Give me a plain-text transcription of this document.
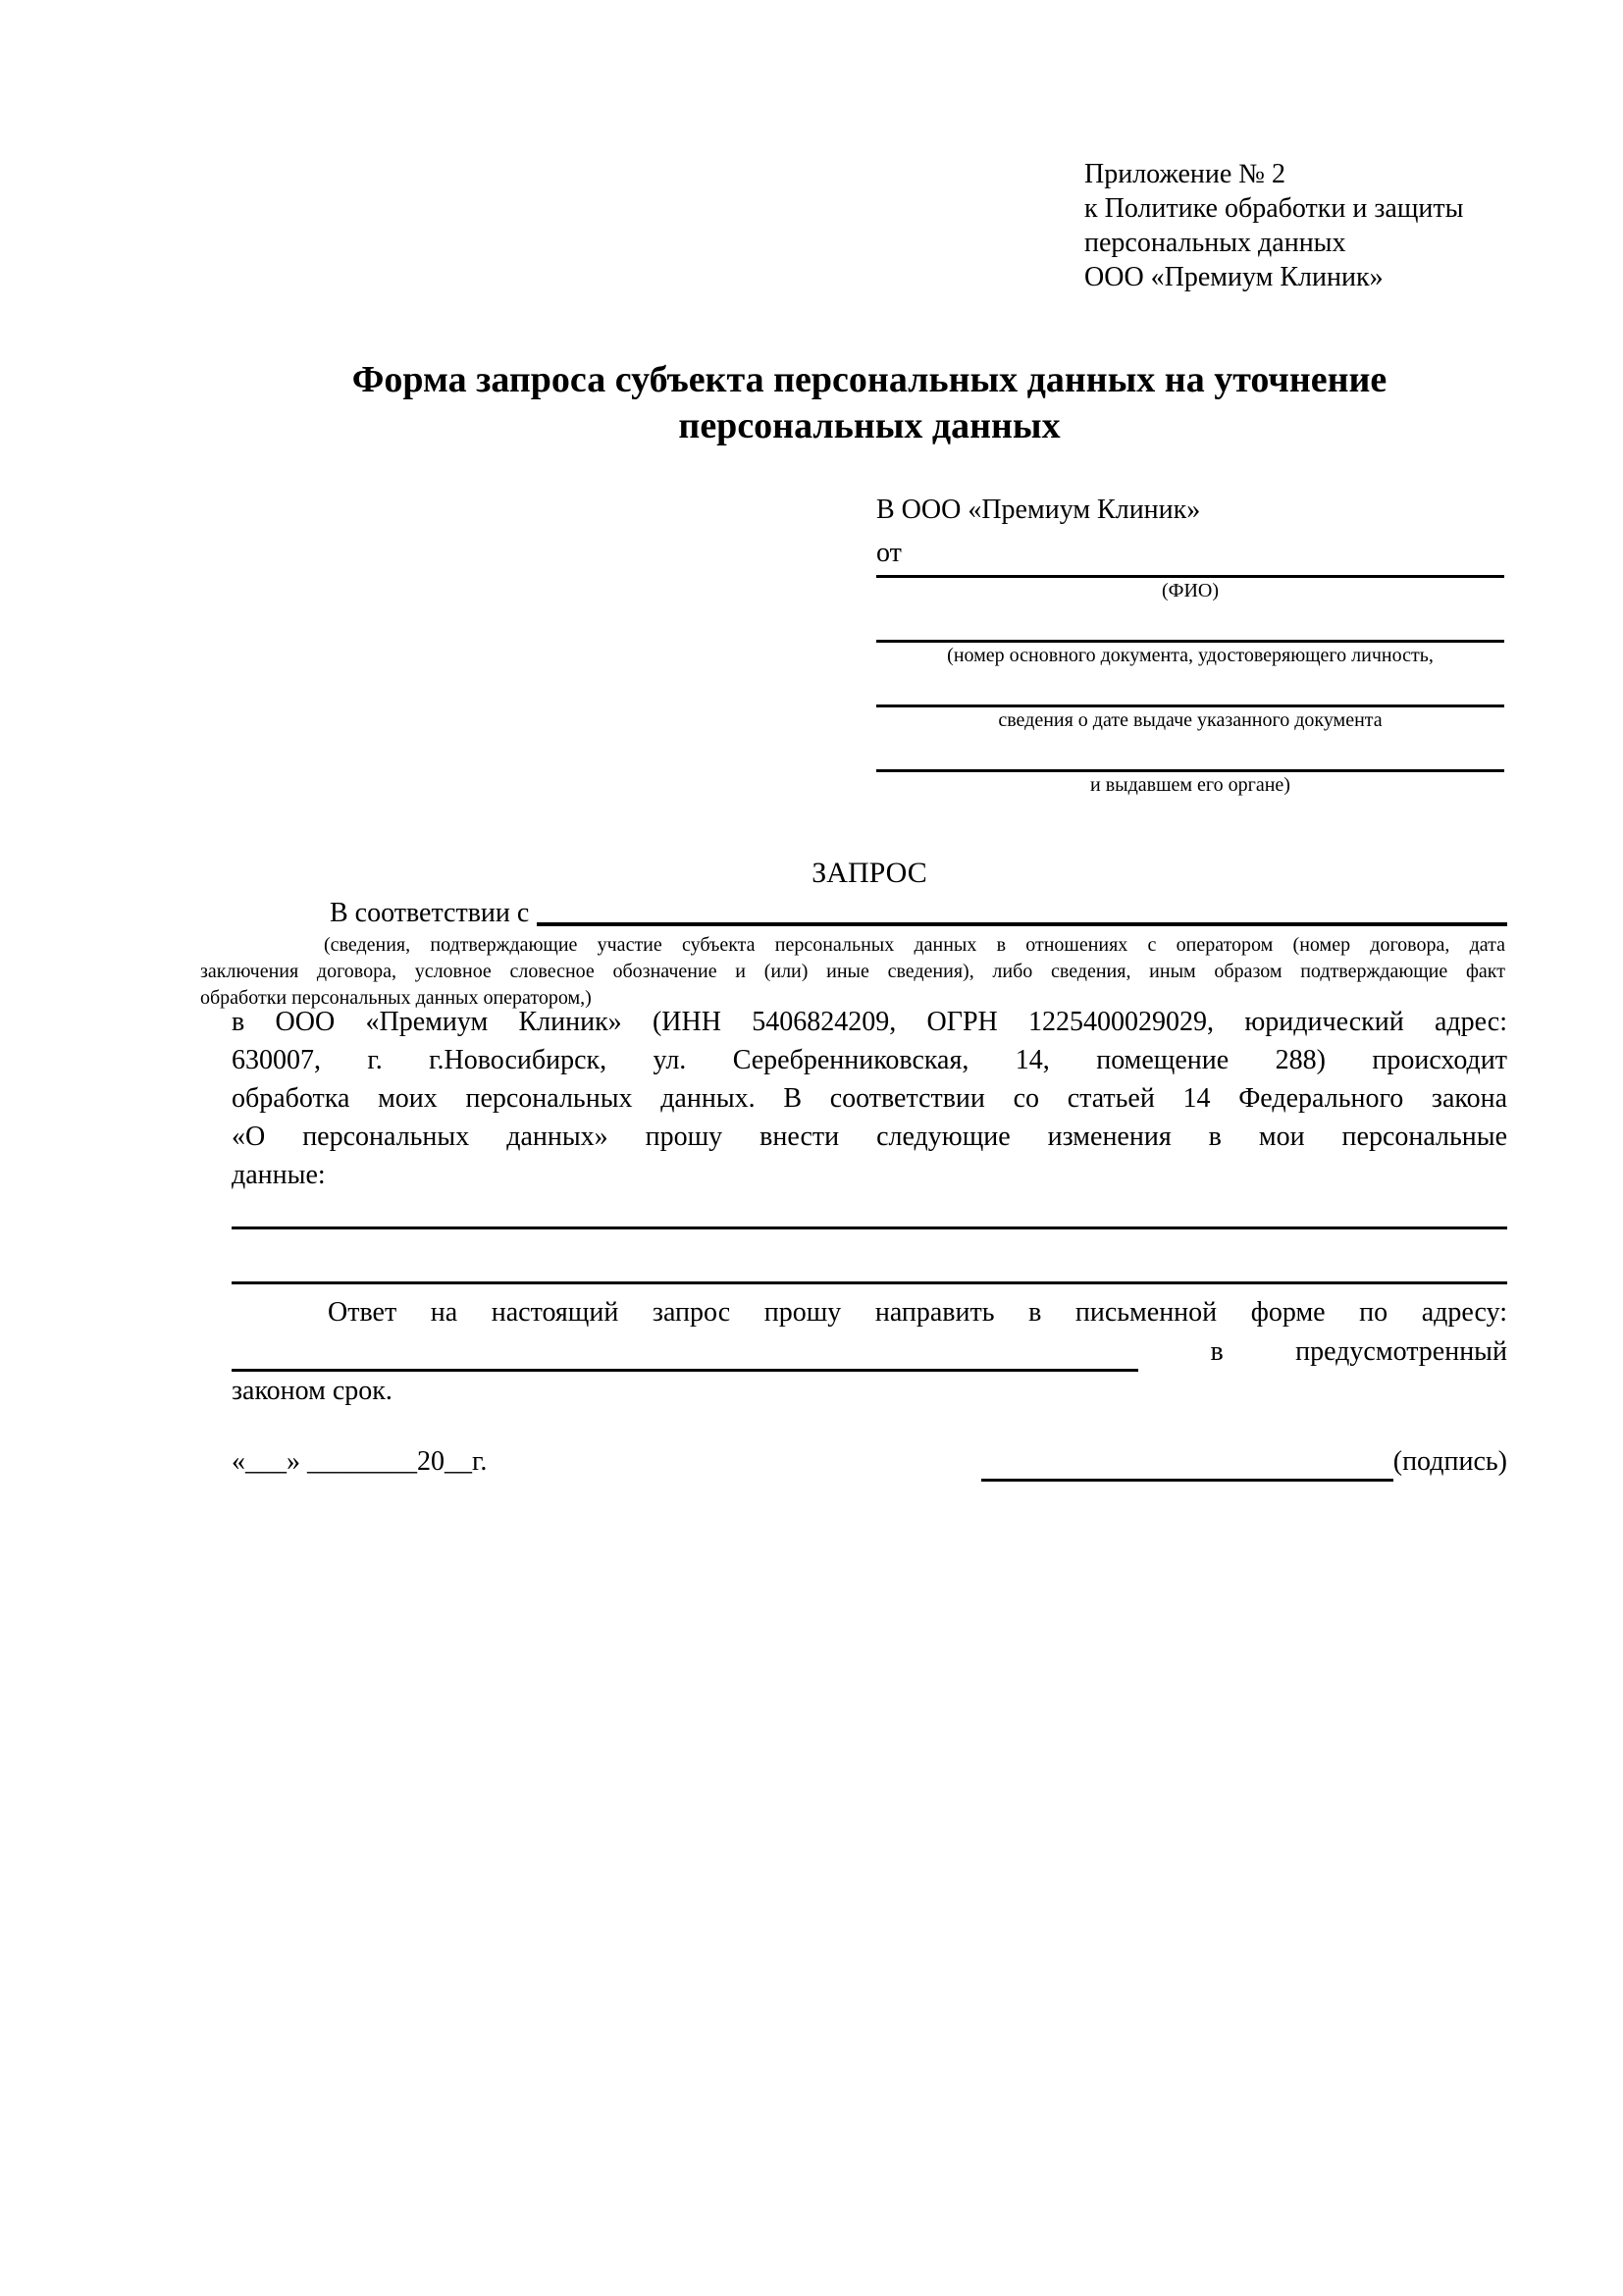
Приложение № 2
к Политике обработки и защиты
персональных данных
ООО «Премиум Клиник»
Форма запроса субъекта персональных данных на уточнение персональных данных
В ООО «Премиум Клиник»
от
(ФИО)
(номер основного документа, удостоверяющего личность,
сведения о дате выдаче указанного документа
и выдавшем его органе)
ЗАПРОС
В соответствии с
(сведения, подтверждающие участие субъекта персональных данных в отношениях с оператором (номер договора, дата
заключения договора, условное словесное обозначение и (или) иные сведения), либо сведения, иным образом подтверждающие факт
обработки персональных данных оператором,)
в ООО «Премиум Клиник» (ИНН 5406824209, ОГРН 1225400029029, юридический адрес:
630007, г. г.Новосибирск, ул. Серебренниковская, 14, помещение 288) происходит
обработка моих персональных данных. В соответствии со статьей 14 Федерального закона
«О персональных данных» прошу внести следующие изменения в мои персональные
данные:
Ответ на настоящий запрос прошу направить в письменной форме по адресу:
в	предусмотренный
законом срок.
«___» ________20__г.	(подпись)
